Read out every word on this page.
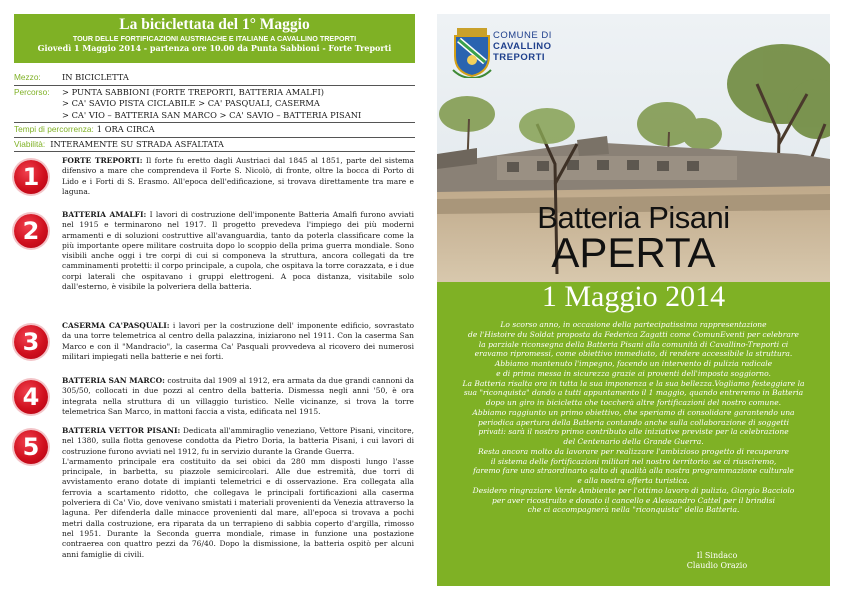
La biciclettata del 1° Maggio
TOUR DELLE FORTIFICAZIONI AUSTRIACHE E ITALIANE A CAVALLINO TREPORTI
Giovedì 1 Maggio 2014 - partenza ore 10.00 da Punta Sabbioni - Forte Treporti
Mezzo:	IN BICICLETTA
Percorso:	> PUNTA SABBIONI (FORTE TREPORTI, BATTERIA AMALFI)
> CA' SAVIO PISTA CICLABILE > CA' PASQUALI, CASERMA
> CA' VIO – BATTERIA SAN MARCO > CA' SAVIO – BATTERIA PISANI
Tempi di percorrenza: 1 ORA CIRCA
Viabilità: INTERAMENTE SU STRADA ASFALTATA
1

FORTE TREPORTI: Il forte fu eretto dagli Austriaci dal 1845 al 1851, parte del sistema difensivo a mare che comprendeva il Forte S. Nicolò, di fronte, oltre la bocca di Porto di Lido e i Forti di S. Erasmo. All'epoca dell'edificazione, si trovava direttamente tra mare e laguna.

2

BATTERIA AMALFI: I lavori di costruzione dell'imponente Batteria Amalfi furono avviati nel 1915 e terminarono nel 1917. Il progetto prevedeva l'impiego dei più moderni armamenti e di soluzioni costruttive all'avanguardia, tanto da poterla classificare come la più importante opere militare costruita dopo lo scoppio della prima guerra mondiale. Sono visibili anche oggi i tre corpi di cui si componeva la struttura, ancora collegati da tre camminamenti protetti: il corpo principale, a cupola, che ospitava la torre corazzata, e i due corpi laterali che ospitavano i gruppi elettrogeni. A poca distanza, visitabile solo dall'esterno, è visibile la polveriera della batteria.

3

CASERMA CA'PASQUALI: i lavori per la costruzione dell' imponente edificio, sovrastato da una torre telemetrica al centro della palazzina, iniziarono nel 1911. Con la caserma San Marco e con il "Mandracio", la caserma Ca' Pasquali provvedeva al ricovero dei numerosi militari impiegati nella batterie e nei forti.

4

BATTERIA SAN MARCO: costruita dal 1909 al 1912, era armata da due grandi cannoni da 305/50, collocati in due pozzi al centro della batteria. Dismessa negli anni '50, è ora integrata nella struttura di un villaggio turistico. Nelle vicinanze, si trova la torre telemetrica San Marco, in mattoni faccia a vista, edificata nel 1915.

5

BATTERIA VETTOR PISANI: Dedicata all'ammiraglio veneziano, Vettore Pisani, vincitore, nel 1380, sulla flotta genovese condotta da Pietro Doria, la batteria Pisani, i cui lavori di costruzione furono avviati nel 1912, fu in servizio durante la Grande Guerra.

L'armamento principale era costituito da sei obici da 280 mm disposti lungo l'asse principale, in barbetta, su piazzole semicircolari. Alle due estremità, due torri di avvistamento erano dotate di impianti telemetrici e di osservazione. Era collegata alla ferrovia a scartamento ridotto, che collegava le principali fortificazioni alla caserma polveriera di Ca' Vio, dove venivano smistati i materiali provenienti da Venezia attraverso la laguna. Per difenderla dalle minacce provenienti dal mare, all'epoca si trovava a pochi metri dalla costruzione, era riparata da un terrapieno di sabbia coperto d'argilla, rimosso nel 1951. Durante la Seconda guerra mondiale, rimase in funzione una postazione contraerea con quattro pezzi da 76/40. Dopo la dismissione, la batteria ospitò per alcuni anni famiglie di civili.

COMUNE DI
CAVALLINO
TREPORTI
Batteria Pisani
APERTA
1 Maggio 2014
Lo scorso anno, in occasione della partecipatissima rappresentazione
de l'Histoire du Soldat proposta da Federica Zagatti come ComunEventi per celebrare
la parziale riconsegna della Batteria Pisani alla comunità di Cavallino-Treporti ci
eravamo ripromessi, come obiettivo immediato, di rendere accessibile la struttura.
Abbiamo mantenuto l'impegno, facendo un intervento di pulizia radicale
e di prima messa in sicurezza grazie ai proventi dell'imposta soggiorno.
La Batteria risalta ora in tutta la sua imponenza e la sua bellezza.Vogliamo festeggiare la
sua "riconquista" dando a tutti appuntamento il 1 maggio, quando entreremo in Batteria
dopo un giro in bicicletta che toccherà altre fortificazioni del nostro comune.
Abbiamo raggiunto un primo obiettivo, che speriamo di consolidare garantendo una
periodica apertura della Batteria contando anche sulla collaborazione di soggetti
privati: sarà il nostro primo contributo alle iniziative previste per la celebrazione
del Centenario della Grande Guerra.
Resta ancora molto da lavorare per realizzare l'ambizioso progetto di recuperare
il sistema delle fortificazioni militari nel nostro territorio: se ci riusciremo,
faremo fare uno straordinario salto di qualità alla nostra programmazione culturale
e alla nostra offerta turistica.
Desidero ringraziare Verde Ambiente per l'ottimo lavoro di pulizia, Giorgio Bacciolo
per aver ricostruito e donato il cancello e Alessandro Cattel per il brindisi
che ci accompagnerà nella "riconquista" della Batteria.
Il Sindaco
Claudio Orazio
